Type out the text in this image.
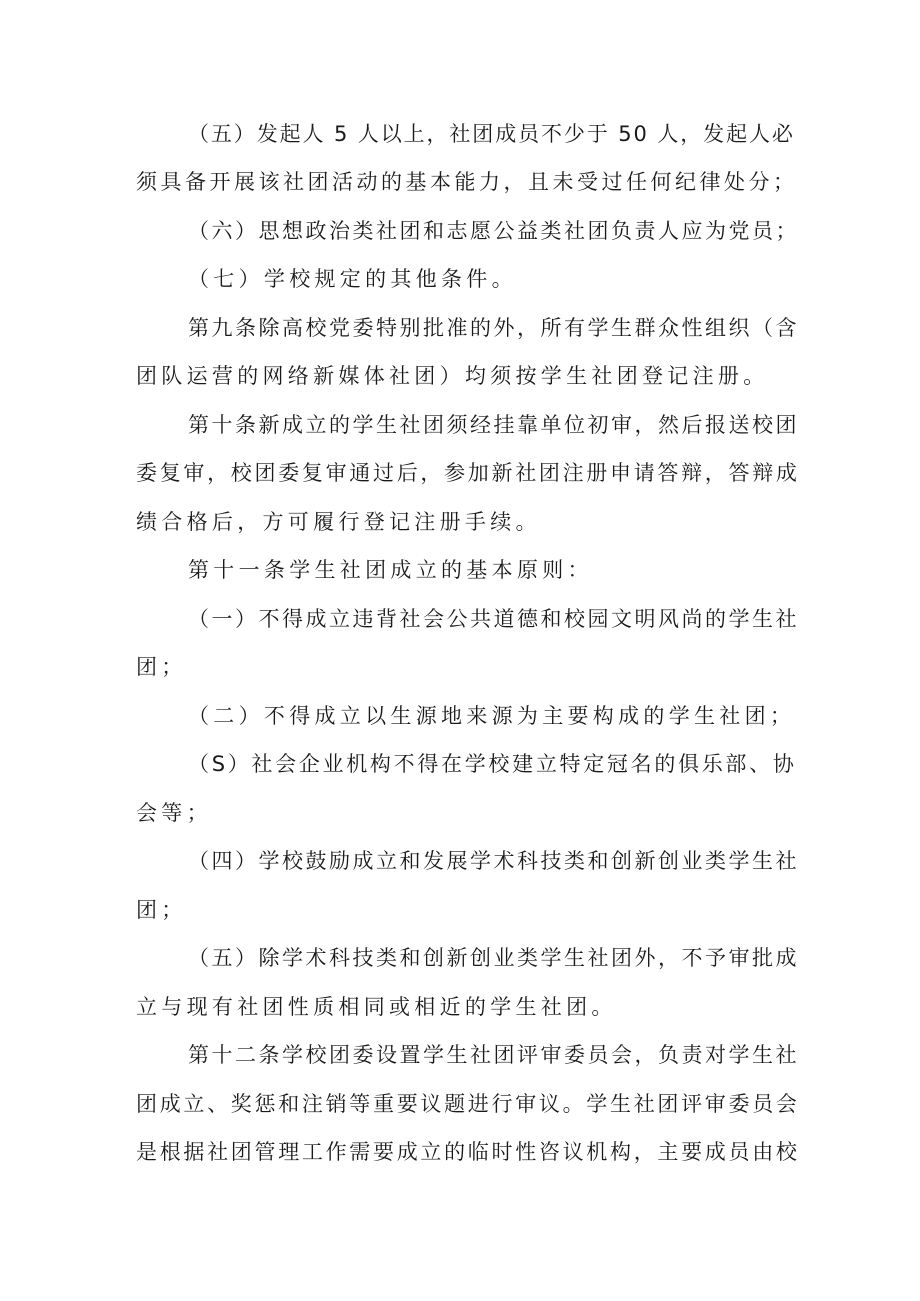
（五）发起人 5 人以上，社团成员不少于 50 人，发起人必
须具备开展该社团活动的基本能力，且未受过任何纪律处分；
（六）思想政治类社团和志愿公益类社团负责人应为党员；
（七）学校规定的其他条件。
第九条除高校党委特别批准的外，所有学生群众性组织（含
团队运营的网络新媒体社团）均须按学生社团登记注册。
第十条新成立的学生社团须经挂靠单位初审，然后报送校团
委复审，校团委复审通过后，参加新社团注册申请答辩，答辩成
绩合格后，方可履行登记注册手续。
第十一条学生社团成立的基本原则：
（一）不得成立违背社会公共道德和校园文明风尚的学生社
团；
（二）不得成立以生源地来源为主要构成的学生社团；
（S）社会企业机构不得在学校建立特定冠名的俱乐部、协
会等；
（四）学校鼓励成立和发展学术科技类和创新创业类学生社
团；
（五）除学术科技类和创新创业类学生社团外，不予审批成
立与现有社团性质相同或相近的学生社团。
第十二条学校团委设置学生社团评审委员会，负责对学生社
团成立、奖惩和注销等重要议题进行审议。学生社团评审委员会
是根据社团管理工作需要成立的临时性咨议机构，主要成员由校
